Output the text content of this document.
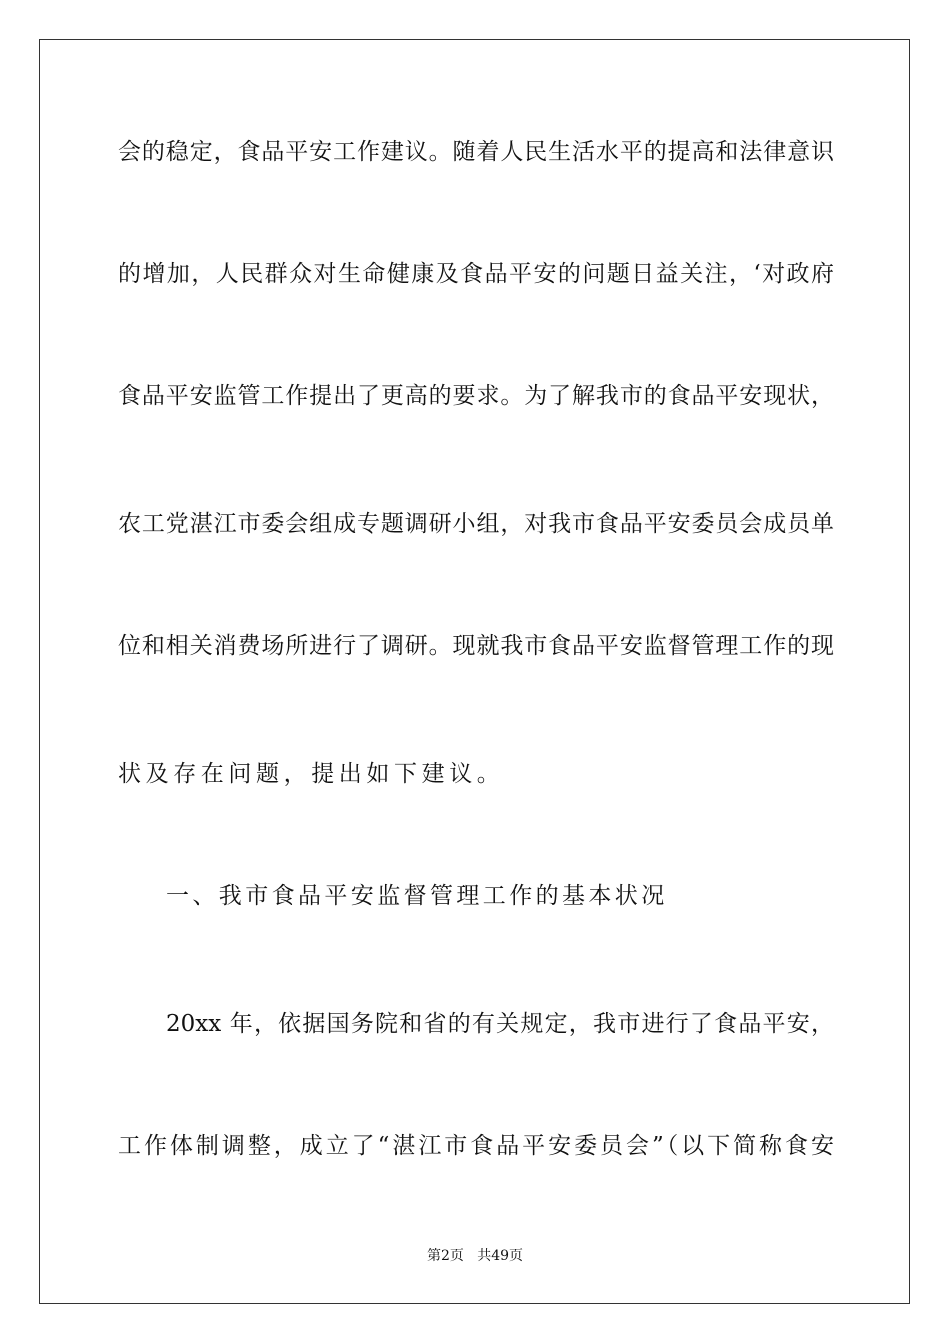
会的稳定，食品平安工作建议。随着人民生活水平的提高和法律意识
的增加，人民群众对生命健康及食品平安的问题日益关注，‘对政府
食品平安监管工作提出了更高的要求。为了解我市的食品平安现状，
农工党湛江市委会组成专题调研小组，对我市食品平安委员会成员单
位和相关消费场所进行了调研。现就我市食品平安监督管理工作的现
状及存在问题，提出如下建议。
一、我市食品平安监督管理工作的基本状况
20xx 年，依据国务院和省的有关规定，我市进行了食品平安，
工作体制调整，成立了“湛江市食品平安委员会”（以下简称食安
第2页   共49页
